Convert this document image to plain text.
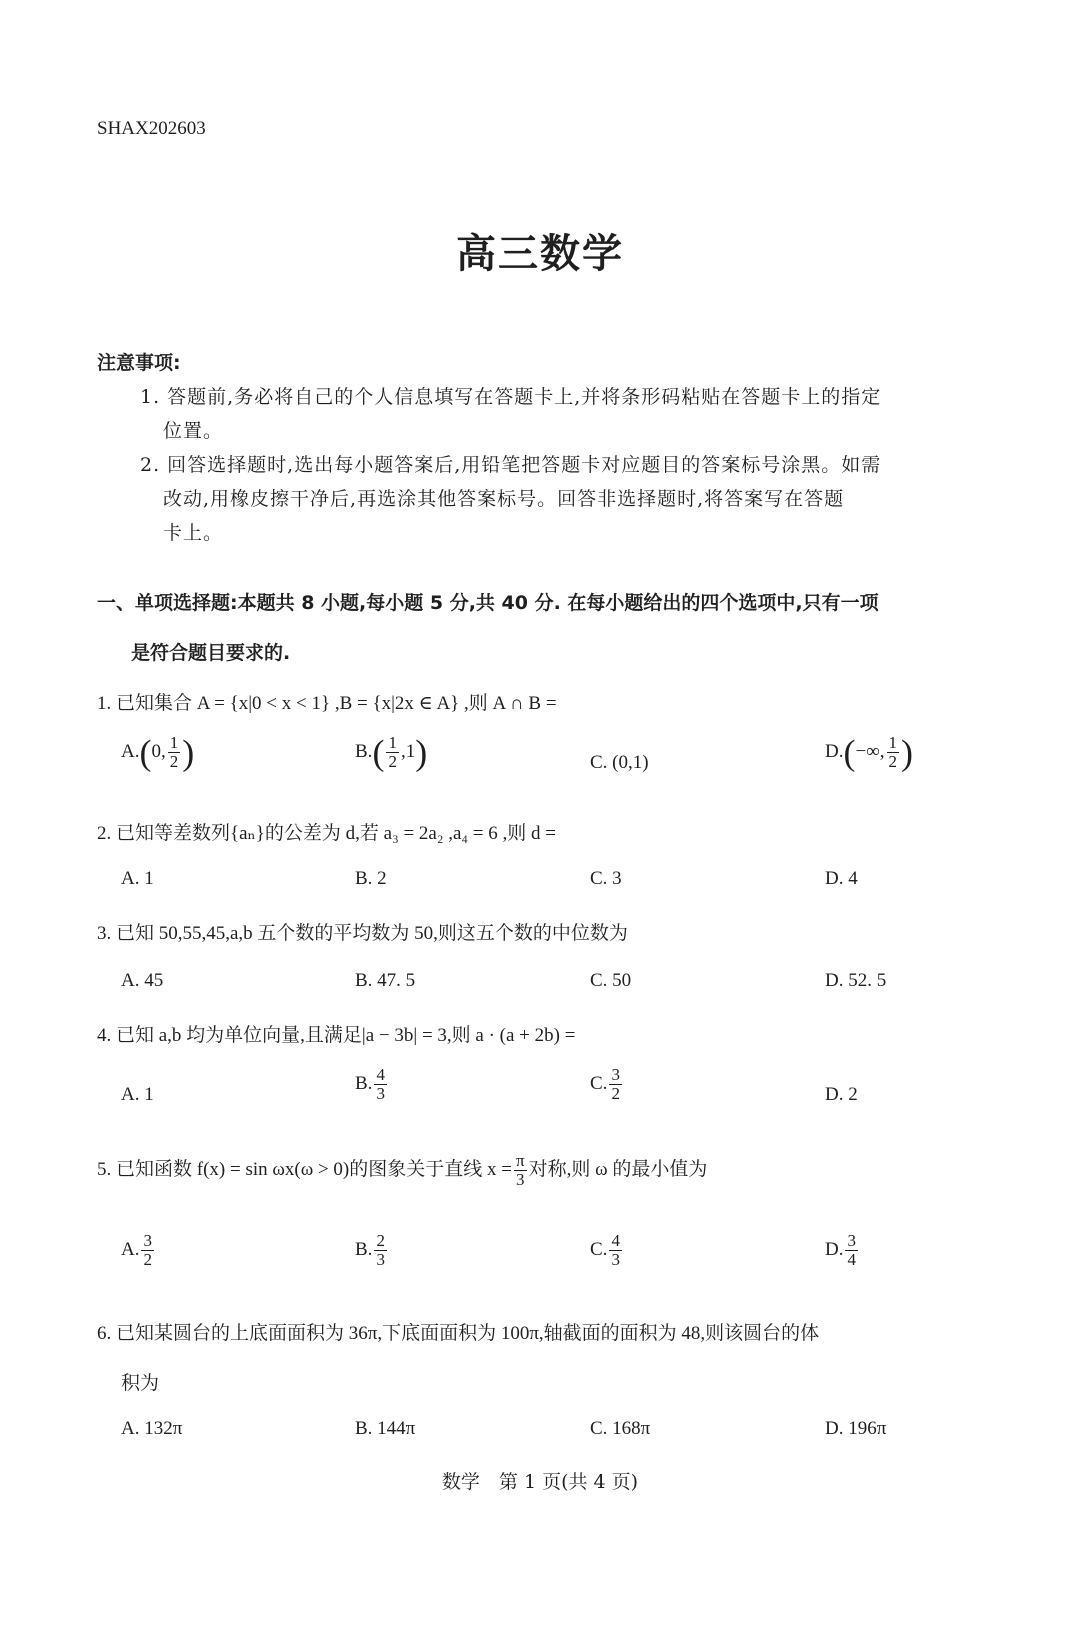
SHAX202603
高三数学
注意事项:
1. 答题前,务必将自己的个人信息填写在答题卡上,并将条形码粘贴在答题卡上的指定
位置。
2. 回答选择题时,选出每小题答案后,用铅笔把答题卡对应题目的答案标号涂黑。如需
改动,用橡皮擦干净后,再选涂其他答案标号。回答非选择题时,将答案写在答题
卡上。
一、单项选择题:本题共 8 小题,每小题 5 分,共 40 分. 在每小题给出的四个选项中,只有一项
是符合题目要求的.
1. 已知集合 A = {x|0 < x < 1} ,B = {x|2x ∈ A} ,则 A ∩ B =
A.(0, $\frac{1}{2}$ )	$B.( \frac{1}{2} ,1)$	C. (0,1)
D.(−∞, $\frac{1}{2}$ )
2. 已知等差数列{aₙ}的公差为 d,若 a₃ = 2a₂ ,a₄ = 6 ,则 d =
A. 1	B. 2	C. 3	D. 4
3. 已知 50,55,45,a,b 五个数的平均数为 50,则这五个数的中位数为
A. 45	B. 47. 5	C. 50	D. 52. 5
4. 已知 a,b 均为单位向量,且满足|a − 3b| = 3,则 a · (a + 2b) =
A. 1
B. $\frac{4}{3}$	C. $\frac{3}{2}$	D. 2
5. 已知函数 f(x) = sin ωx(ω > 0)的图象关于直线 $x = \frac{\pi}{3}$ 对称,则 ω 的最小值为
A. $\frac{3}{2}$	B. $\frac{2}{3}$	C. $\frac{4}{3}$	D. $\frac{3}{4}$
6. 已知某圆台的上底面面积为 36π,下底面面积为 100π,轴截面的面积为 48,则该圆台的体
积为
A. 132π	B. 144π	C. 168π	D. 196π
数学　第 1 页(共 4 页)
